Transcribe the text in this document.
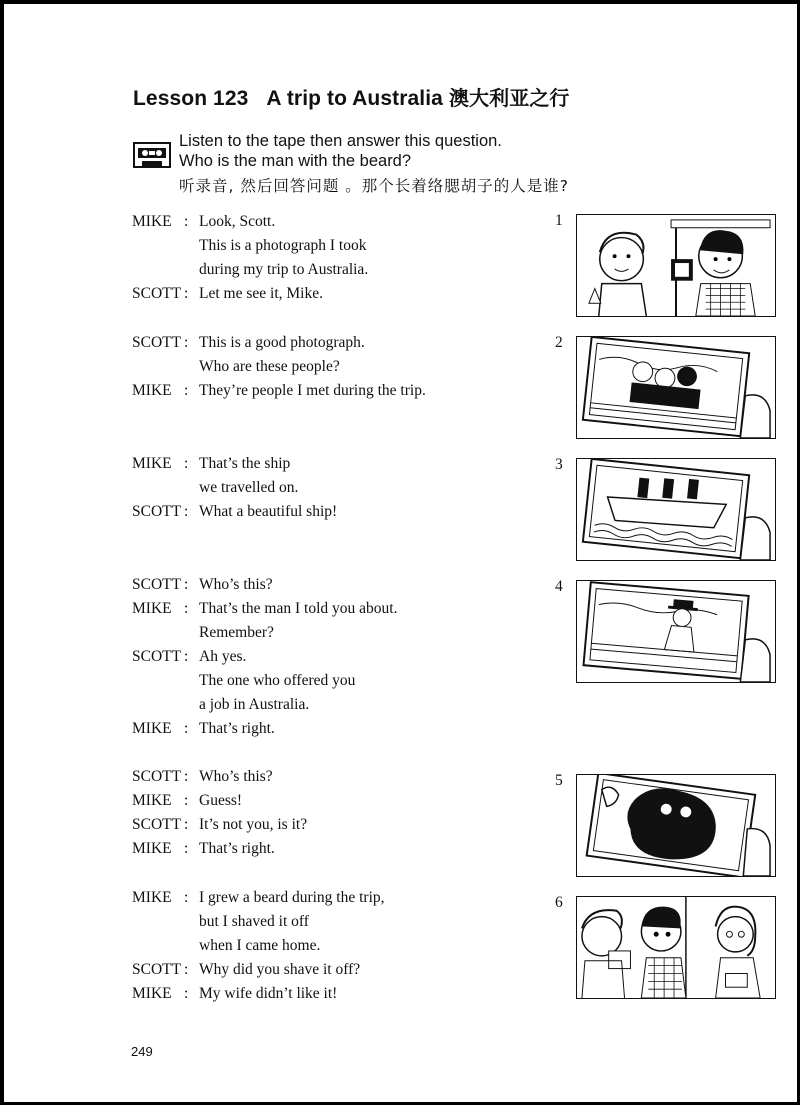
Lesson 123 A trip to Australia 澳大利亚之行
Listen to the tape then answer this question.
Who is the man with the beard?
听录音, 然后回答问题 。那个长着络腮胡子的人是谁?
MIKE : Look, Scott.
This is a photograph I took
during my trip to Australia.
SCOTT : Let me see it, Mike.
SCOTT : This is a good photograph.
Who are these people?
MIKE : They’re people I met during the trip.
MIKE : That’s the ship
we travelled on.
SCOTT : What a beautiful ship!
SCOTT : Who’s this?
MIKE : That’s the man I told you about.
Remember?
SCOTT : Ah yes.
The one who offered you
a job in Australia.
MIKE : That’s right.
SCOTT : Who’s this?
MIKE : Guess!
SCOTT : It’s not you, is it?
MIKE : That’s right.
MIKE : I grew a beard during the trip,
but I shaved it off
when I came home.
SCOTT : Why did you shave it off?
MIKE : My wife didn’t like it!
1
2
3
4
5
6
249
